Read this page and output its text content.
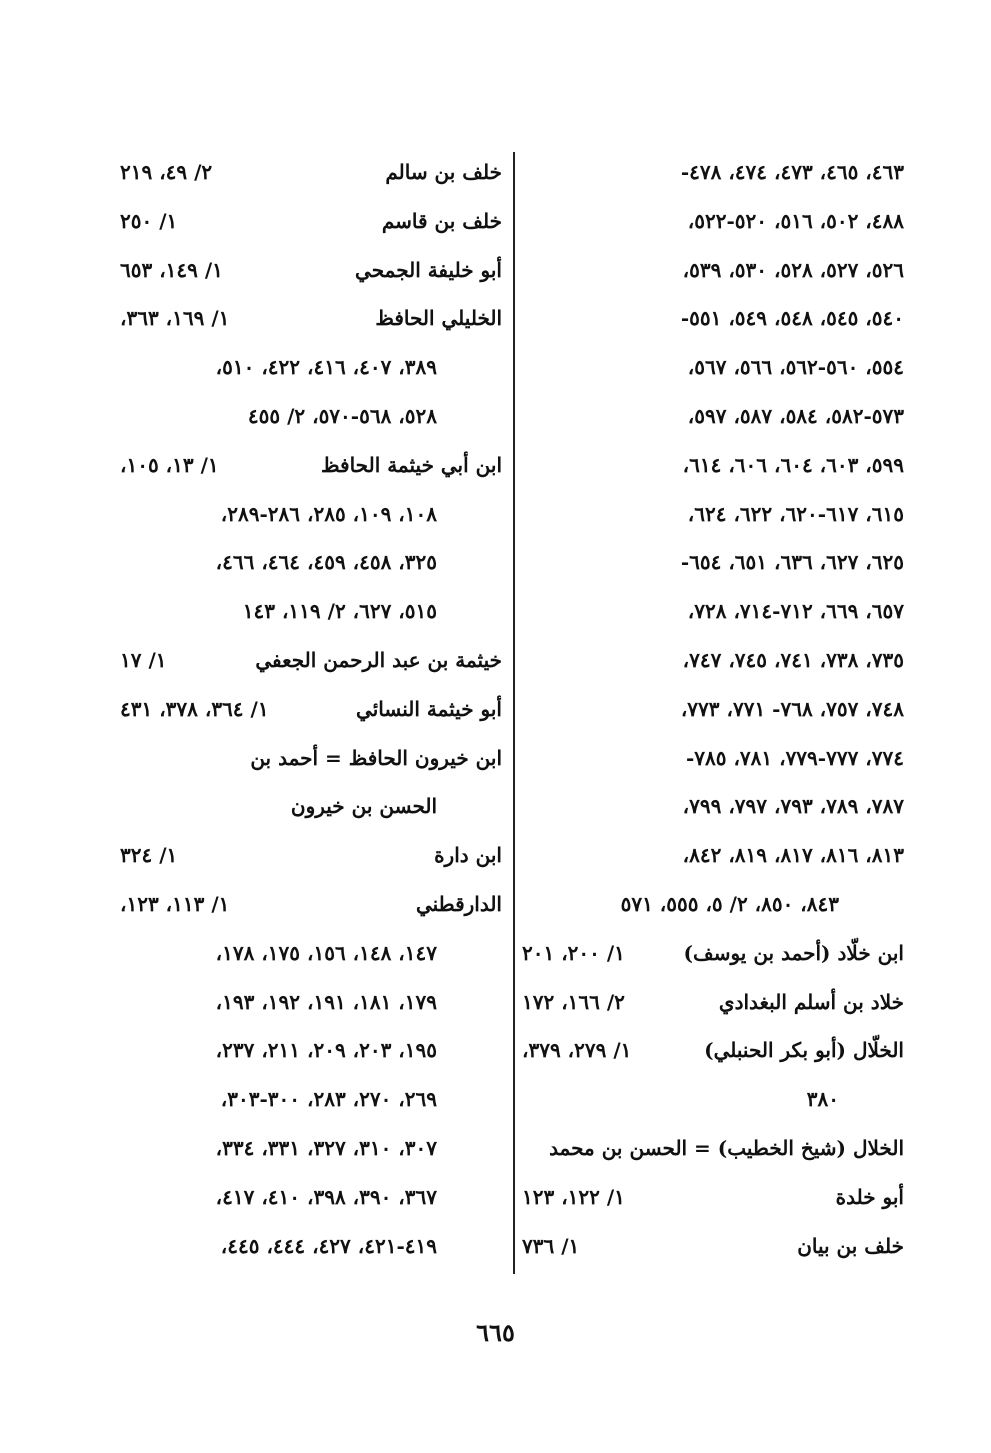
٤٦٣، ٤٦٥، ٤٧٣، ٤٧٤، ٤٧٨-
٤٨٨، ٥٠٢، ٥١٦، ٥٢٠-٥٢٢،
٥٢٦، ٥٢٧، ٥٢٨، ٥٣٠، ٥٣٩،
٥٤٠، ٥٤٥، ٥٤٨، ٥٤٩، ٥٥١-
٥٥٤، ٥٦٠-٥٦٢، ٥٦٦، ٥٦٧،
٥٧٣-٥٨٢، ٥٨٤، ٥٨٧، ٥٩٧،
٥٩٩، ٦٠٣، ٦٠٤، ٦٠٦، ٦١٤،
٦١٥، ٦١٧-٦٢٠، ٦٢٢، ٦٢٤،
٦٢٥، ٦٢٧، ٦٣٦، ٦٥١، ٦٥٤-
٦٥٧، ٦٦٩، ٧١٢-٧١٤، ٧٢٨،
٧٣٥، ٧٣٨، ٧٤١، ٧٤٥، ٧٤٧،
٧٤٨، ٧٥٧، ٧٦٨- ٧٧١، ٧٧٣،
٧٧٤، ٧٧٧-٧٧٩، ٧٨١، ٧٨٥-
٧٨٧، ٧٨٩، ٧٩٣، ٧٩٧، ٧٩٩،
٨١٣، ٨١٦، ٨١٧، ٨١٩، ٨٤٢،
٨٤٣، ٨٥٠، ٢/ ٥، ٥٥٥، ٥٧١
ابن خلّاد (أحمد بن يوسف)
١/ ٢٠٠، ٢٠١
خلاد بن أسلم البغدادي
٢/ ١٦٦، ١٧٢
الخلّال (أبو بكر الحنبلي)
١/ ٢٧٩، ٣٧٩،
٣٨٠
الخلال (شيخ الخطيب) = الحسن بن محمد
أبو خلدة
١/ ١٢٢، ١٢٣
خلف بن بيان
١/ ٧٣٦
خلف بن سالم
٢/ ٤٩، ٢١٩
خلف بن قاسم
١/ ٢٥٠
أبو خليفة الجمحي
١/ ١٤٩، ٦٥٣
الخليلي الحافظ
١/ ١٦٩، ٣٦٣،
٣٨٩، ٤٠٧، ٤١٦، ٤٢٢، ٥١٠،
٥٢٨، ٥٦٨-٥٧٠، ٢/ ٤٥٥
ابن أبي خيثمة الحافظ
١/ ١٣، ١٠٥،
١٠٨، ١٠٩، ٢٨٥، ٢٨٦-٢٨٩،
٣٢٥، ٤٥٨، ٤٥٩، ٤٦٤، ٤٦٦،
٥١٥، ٦٢٧، ٢/ ١١٩، ١٤٣
خيثمة بن عبد الرحمن الجعفي
١/ ١٧
أبو خيثمة النسائي
١/ ٣٦٤، ٣٧٨، ٤٣١
ابن خيرون الحافظ = أحمد بن
الحسن بن خيرون
ابن دارة
١/ ٣٢٤
الدارقطني
١/ ١١٣، ١٢٣،
١٤٧، ١٤٨، ١٥٦، ١٧٥، ١٧٨،
١٧٩، ١٨١، ١٩١، ١٩٢، ١٩٣،
١٩٥، ٢٠٣، ٢٠٩، ٢١١، ٢٣٧،
٢٦٩، ٢٧٠، ٢٨٣، ٣٠٠-٣٠٣،
٣٠٧، ٣١٠، ٣٢٧، ٣٣١، ٣٣٤،
٣٦٧، ٣٩٠، ٣٩٨، ٤١٠، ٤١٧،
٤١٩-٤٢١، ٤٢٧، ٤٤٤، ٤٤٥،
٦٦٥
